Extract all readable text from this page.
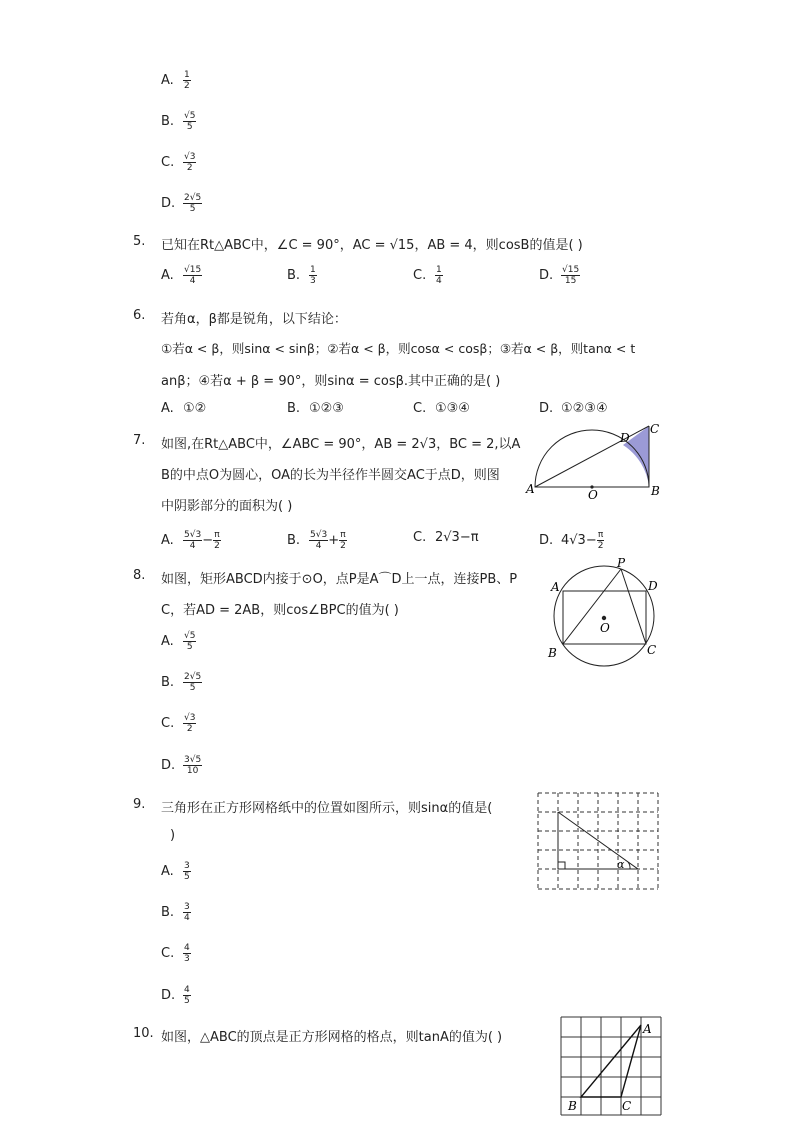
A.	$\frac{1}{2}$
B. $\frac{√5}{5}$
C. $\frac{√3}{2}$
D. $\frac{2√5}{5}$
5. 已知在Rt△ABC中，∠C = 90°，AC = √15，AB = 4，则cosB的值是( )
A.	$\frac{√15}{4}$	B. $\frac{1}{3}$	C. $\frac{1}{4}$	D. $\frac{√15}{15}$
6. 若角α，β都是锐角，以下结论：
①若α < β，则sinα < sinβ；②若α < β，则cosα < cosβ；③若α < β，则tanα < t
anβ；④若α + β = 90°，则sinα = cosβ.其中正确的是( )
A. ①②	B. ①②③	C. ①③④	D. ①②③④
7. 如图,在Rt△ABC中，∠ABC = 90°，AB = 2√3，BC = 2,以A
B的中点O为圆心，OA的长为半径作半圆交AC于点D，则图
中阴影部分的面积为( )
A	B
C
D
O
A.	$\frac{5√3}{4} - \frac{\pi}{2}$	B. $\frac{5√3}{4} + \frac{\pi}{2}$	C. 2√3−π	D. $4√3- \frac{\pi}{2}$
8. 如图，矩形ABCD内接于⊙O，点P是A⌒D上一点，连接PB、P
C，若AD = 2AB，则cos∠BPC的值为( )
A
B	C
D
P
O
A.	$\frac{√5}{5}$
B. $\frac{2√5}{5}$
C. $\frac{√3}{2}$
D. $\frac{3√5}{10}$
9. 三角形在正方形网格纸中的位置如图所示，则sinα的值是(
)
α
A.	$\frac{3}{5}$
B. $\frac{3}{4}$
C. $\frac{4}{3}$
D. $\frac{4}{5}$
10. 如图，△ABC的顶点是正方形网格的格点，则tanA的值为( )
A
B	C
